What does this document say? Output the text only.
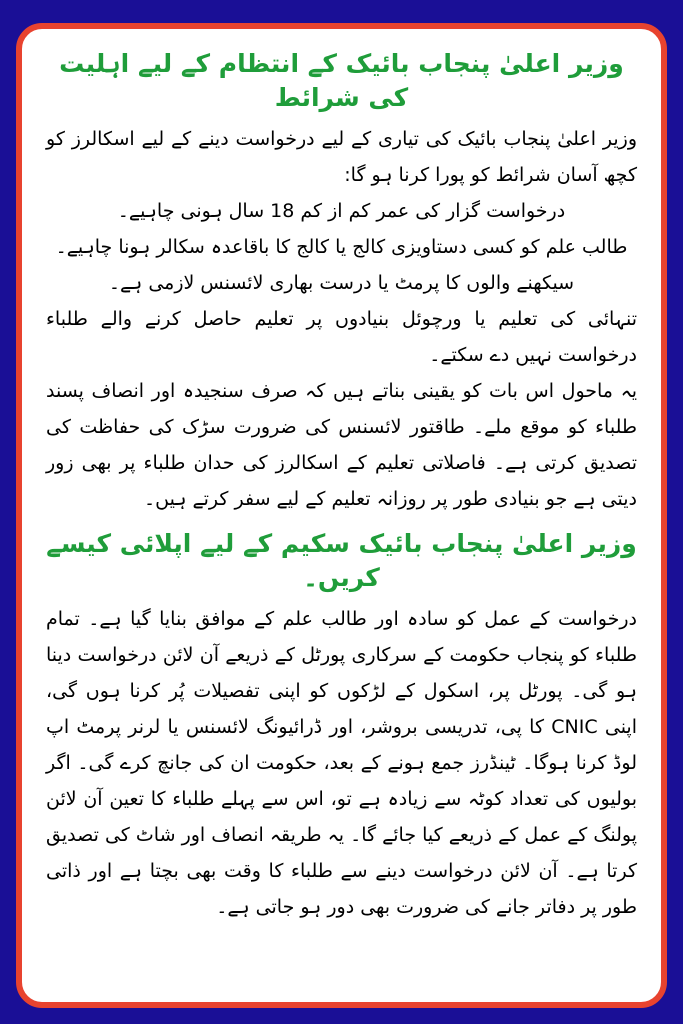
وزیر اعلیٰ پنجاب بائیک کے انتظام کے لیے اہلیت کی شرائط

وزیر اعلیٰ پنجاب بائیک کی تیاری کے لیے درخواست دینے کے لیے اسکالرز کو کچھ آسان شرائط کو پورا کرنا ہو گا:

درخواست گزار کی عمر کم از کم 18 سال ہونی چاہیے۔

طالب علم کو کسی دستاویزی کالج یا کالج کا باقاعدہ سکالر ہونا چاہیے۔

سیکھنے والوں کا پرمٹ یا درست بھاری لائسنس لازمی ہے۔

تنہائی کی تعلیم یا ورچوئل بنیادوں پر تعلیم حاصل کرنے والے طلباء درخواست نہیں دے سکتے۔

یہ ماحول اس بات کو یقینی بناتے ہیں کہ صرف سنجیدہ اور انصاف پسند طلباء کو موقع ملے۔ طاقتور لائسنس کی ضرورت سڑک کی حفاظت کی تصدیق کرتی ہے۔ فاصلاتی تعلیم کے اسکالرز کی حدان طلباء پر بھی زور دیتی ہے جو بنیادی طور پر روزانہ تعلیم کے لیے سفر کرتے ہیں۔

وزیر اعلیٰ پنجاب بائیک سکیم کے لیے اپلائی کیسے کریں۔

درخواست کے عمل کو سادہ اور طالب علم کے موافق بنایا گیا ہے۔ تمام طلباء کو پنجاب حکومت کے سرکاری پورٹل کے ذریعے آن لائن درخواست دینا ہو گی۔ پورٹل پر، اسکول کے لڑکوں کو اپنی تفصیلات پُر کرنا ہوں گی، اپنی CNIC کا پی، تدریسی بروشر، اور ڈرائیونگ لائسنس یا لرنر پرمٹ اپ لوڈ کرنا ہوگا۔ ٹینڈرز جمع ہونے کے بعد، حکومت ان کی جانچ کرے گی۔ اگر بولیوں کی تعداد کوٹہ سے زیادہ ہے تو، اس سے پہلے طلباء کا تعین آن لائن پولنگ کے عمل کے ذریعے کیا جائے گا۔ یہ طریقہ انصاف اور شاٹ کی تصدیق کرتا ہے۔ آن لائن درخواست دینے سے طلباء کا وقت بھی بچتا ہے اور ذاتی طور پر دفاتر جانے کی ضرورت بھی دور ہو جاتی ہے۔
